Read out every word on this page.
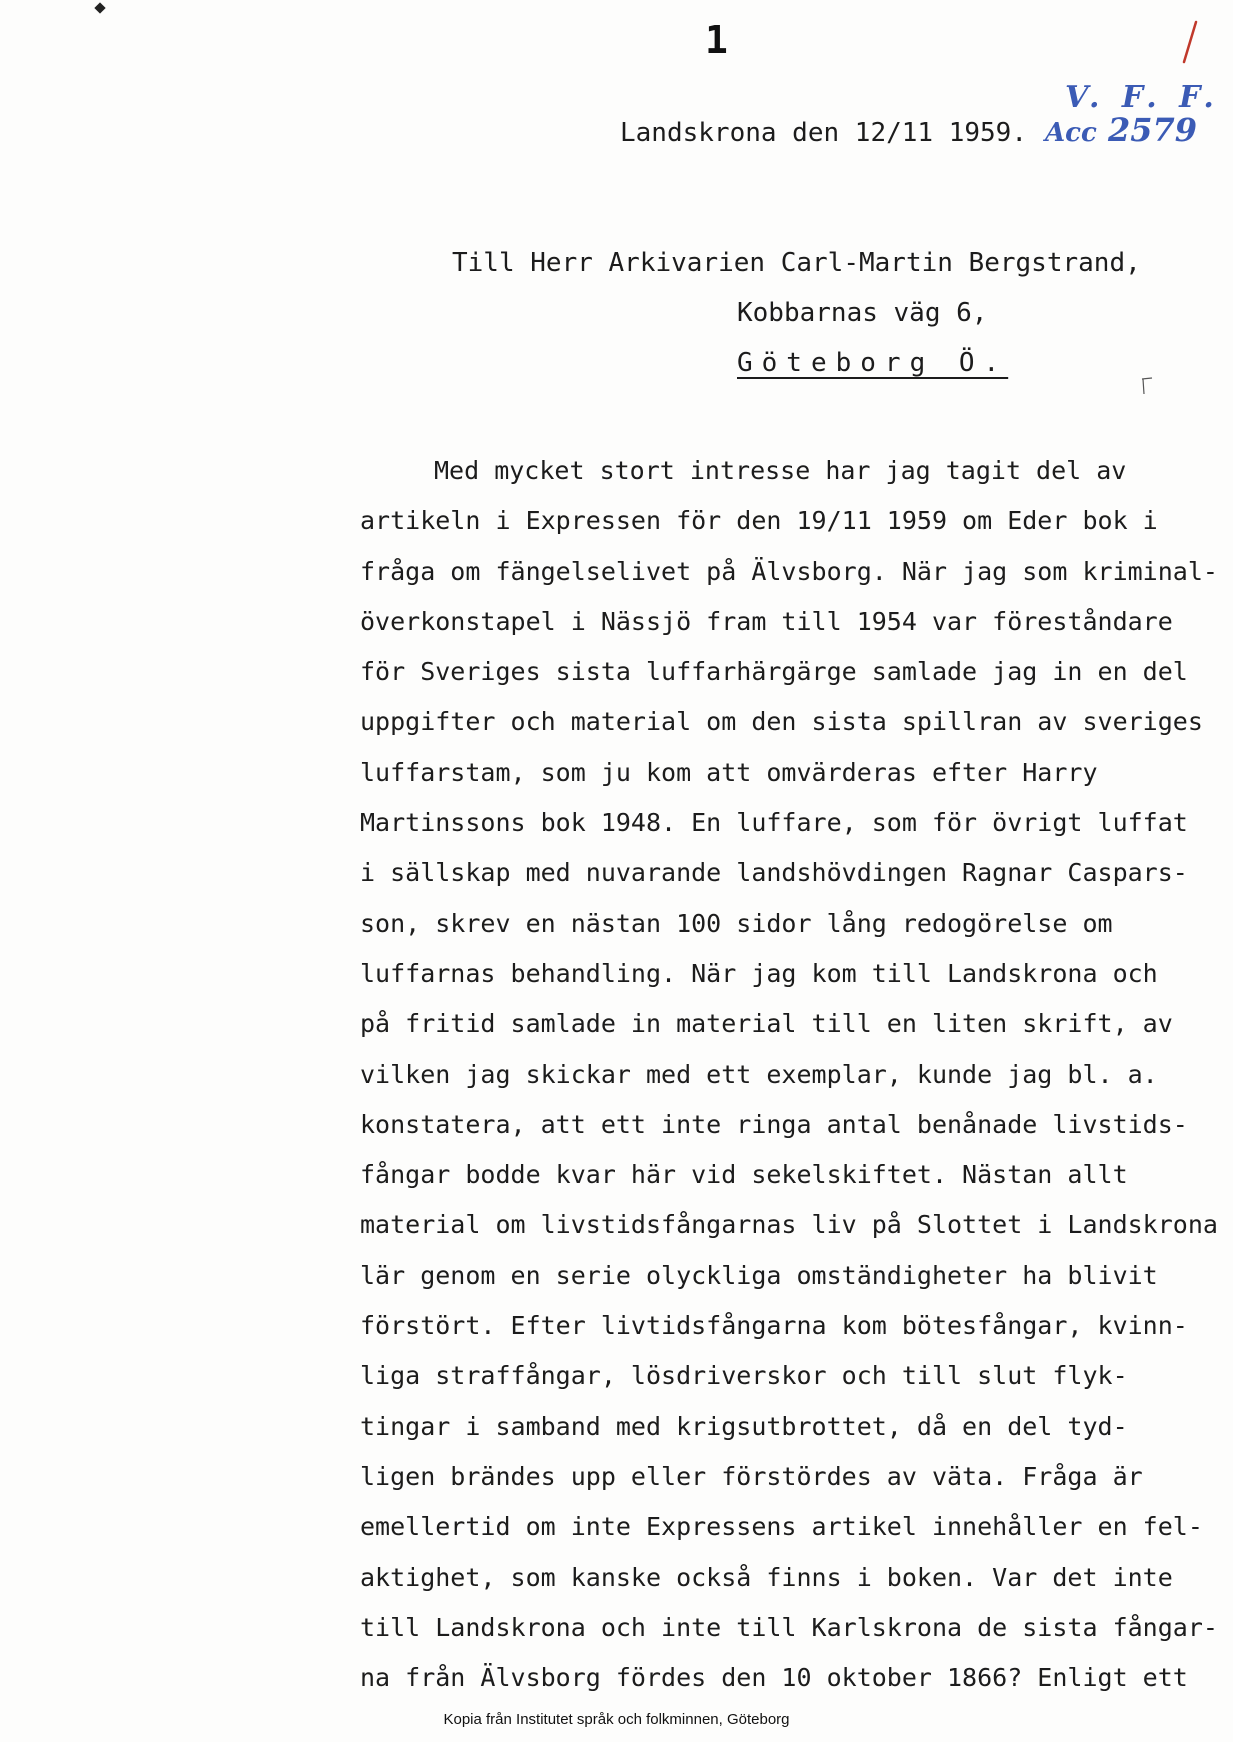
1
V. F. F.
Acc 2579
Landskrona den 12/11 1959.
Till Herr Arkivarien Carl-Martin Bergstrand,
Kobbarnas väg 6,
Göteborg Ö.
Med mycket stort intresse har jag tagit del av
artikeln i Expressen för den 19/11 1959 om Eder bok i
fråga om fängelselivet på Älvsborg. När jag som kriminal-
överkonstapel i Nässjö fram till 1954 var föreståndare
för Sveriges sista luffarhärgärge samlade jag in en del
uppgifter och material om den sista spillran av sveriges
luffarstam, som ju kom att omvärderas efter Harry
Martinssons bok 1948. En luffare, som för övrigt luffat
i sällskap med nuvarande landshövdingen Ragnar Caspars-
son, skrev en nästan 100 sidor lång redogörelse om
luffarnas behandling. När jag kom till Landskrona och
på fritid samlade in material till en liten skrift, av
vilken jag skickar med ett exemplar, kunde jag bl. a.
konstatera, att ett inte ringa antal benånade livstids-
fångar bodde kvar här vid sekelskiftet. Nästan allt
material om livstidsfångarnas liv på Slottet i Landskrona
lär genom en serie olyckliga omständigheter ha blivit
förstört. Efter livtidsfångarna kom bötesfångar, kvinn-
liga straffångar, lösdriverskor och till slut flyk-
tingar i samband med krigsutbrottet, då en del tyd-
ligen brändes upp eller förstördes av väta. Fråga är
emellertid om inte Expressens artikel innehåller en fel-
aktighet, som kanske också finns i boken. Var det inte
till Landskrona och inte till Karlskrona de sista fångar-
na från Älvsborg fördes den 10 oktober 1866? Enligt ett
Kopia från Institutet språk och folkminnen, Göteborg
